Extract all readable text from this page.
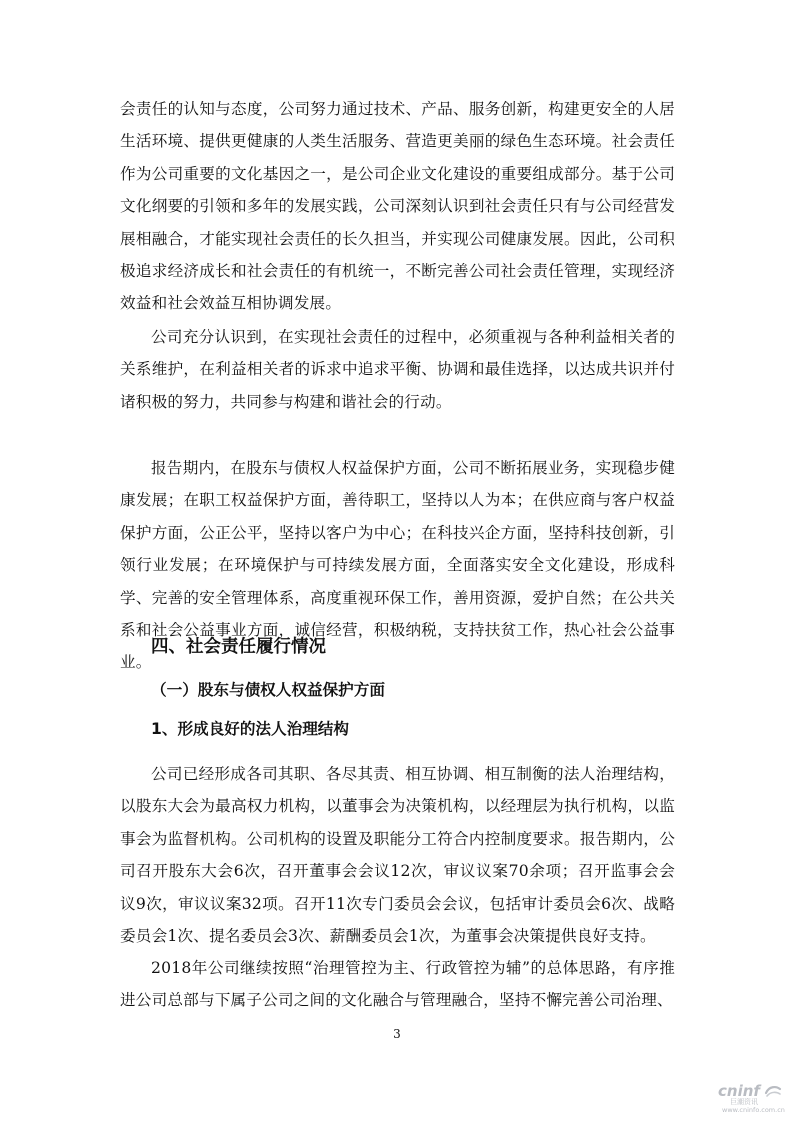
会责任的认知与态度，公司努力通过技术、产品、服务创新，构建更安全的人居生活环境、提供更健康的人类生活服务、营造更美丽的绿色生态环境。社会责任作为公司重要的文化基因之一，是公司企业文化建设的重要组成部分。基于公司文化纲要的引领和多年的发展实践，公司深刻认识到社会责任只有与公司经营发展相融合，才能实现社会责任的长久担当，并实现公司健康发展。因此，公司积极追求经济成长和社会责任的有机统一，不断完善公司社会责任管理，实现经济效益和社会效益互相协调发展。

公司充分认识到，在实现社会责任的过程中，必须重视与各种利益相关者的关系维护，在利益相关者的诉求中追求平衡、协调和最佳选择，以达成共识并付诸积极的努力，共同参与构建和谐社会的行动。

报告期内，在股东与债权人权益保护方面，公司不断拓展业务，实现稳步健康发展；在职工权益保护方面，善待职工，坚持以人为本；在供应商与客户权益保护方面，公正公平，坚持以客户为中心；在科技兴企方面，坚持科技创新，引领行业发展；在环境保护与可持续发展方面，全面落实安全文化建设，形成科学、完善的安全管理体系，高度重视环保工作，善用资源，爱护自然；在公共关系和社会公益事业方面，诚信经营，积极纳税，支持扶贫工作，热心社会公益事业。

四、社会责任履行情况
（一）股东与债权人权益保护方面
1、形成良好的法人治理结构

公司已经形成各司其职、各尽其责、相互协调、相互制衡的法人治理结构，以股东大会为最高权力机构，以董事会为决策机构，以经理层为执行机构，以监事会为监督机构。公司机构的设置及职能分工符合内控制度要求。报告期内，公司召开股东大会6次，召开董事会会议12次，审议议案70余项；召开监事会会议9次，审议议案32项。召开11次专门委员会会议，包括审计委员会6次、战略委员会1次、提名委员会3次、薪酬委员会1次，为董事会决策提供良好支持。

2018年公司继续按照“治理管控为主、行政管控为辅”的总体思路，有序推进公司总部与下属子公司之间的文化融合与管理融合，坚持不懈完善公司治理、

3
cninf
巨潮资讯
www.cninfo.com.cn
